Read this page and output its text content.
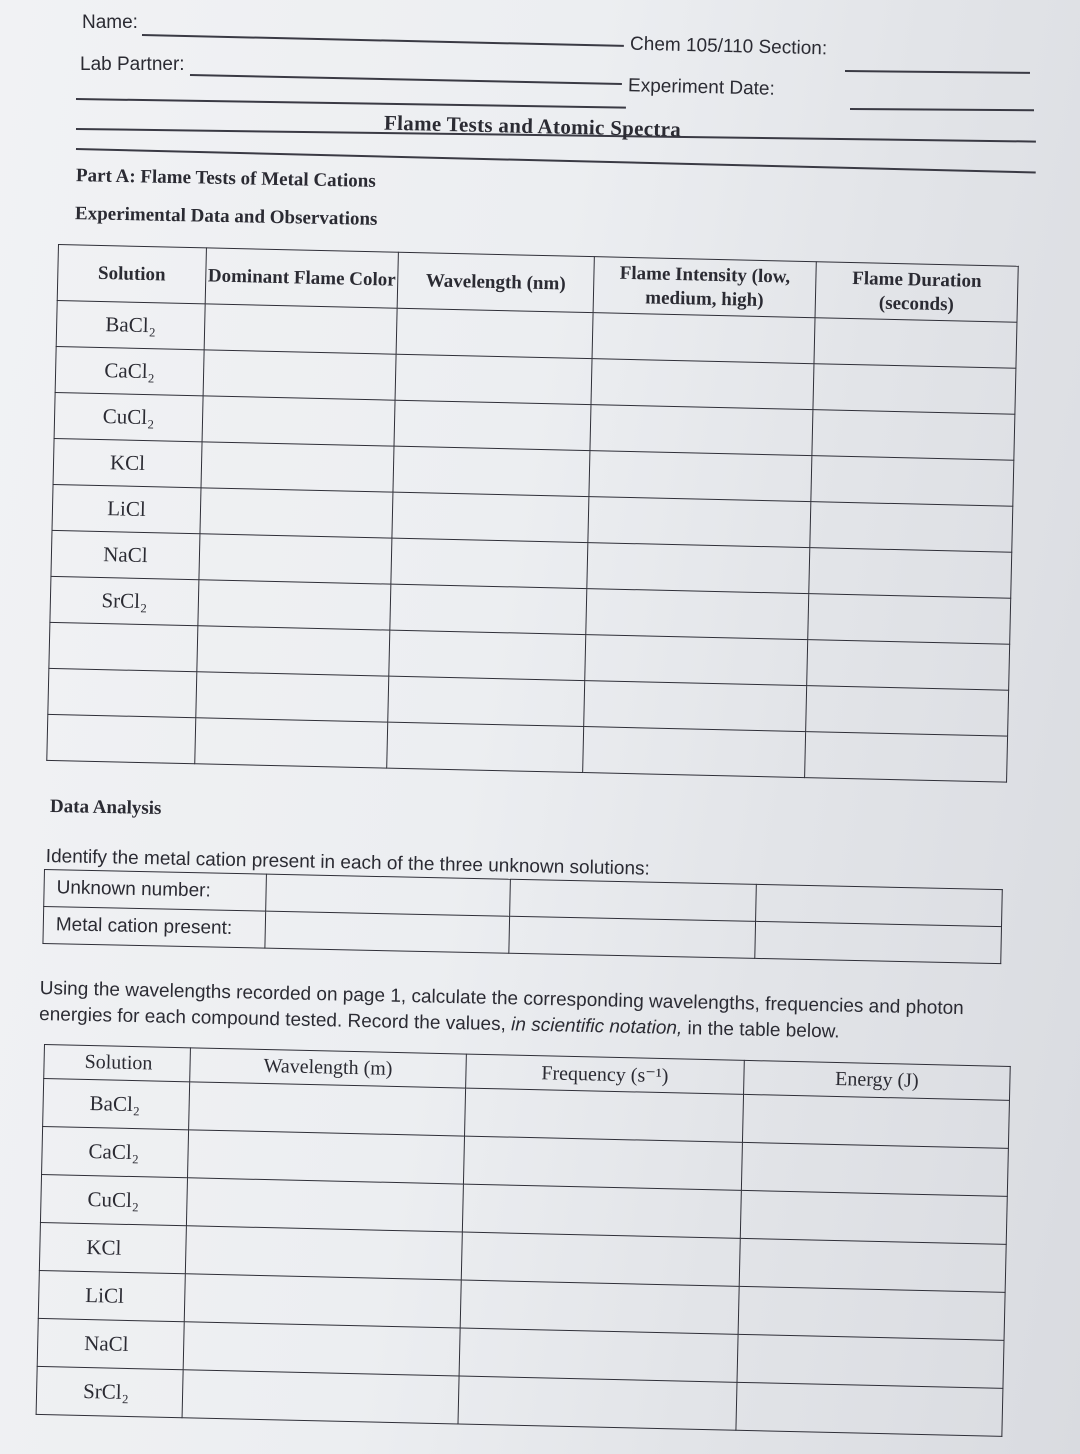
Name:
Lab Partner:
Chem 105/110 Section:
Experiment Date:
Flame Tests and Atomic Spectra
Part A: Flame Tests of Metal Cations
Experimental Data and Observations
Solution	Dominant Flame Color	Wavelength (nm)	Flame Intensity (low, medium, high)	Flame Duration (seconds)
BaCl₂				
CaCl₂				
CuCl₂				
KCl				
LiCl				
NaCl				
SrCl₂				

Data Analysis
Identify the metal cation present in each of the three unknown solutions:
Unknown number:			
Metal cation present:			
Using the wavelengths recorded on page 1, calculate the corresponding wavelengths, frequencies and photon energies for each compound tested. Record the values, in scientific notation, in the table below.
Solution	Wavelength (m)	Frequency (s⁻¹)	Energy (J)
BaCl₂			
CaCl₂			
CuCl₂			
KCl			
LiCl			
NaCl			
SrCl₂			
